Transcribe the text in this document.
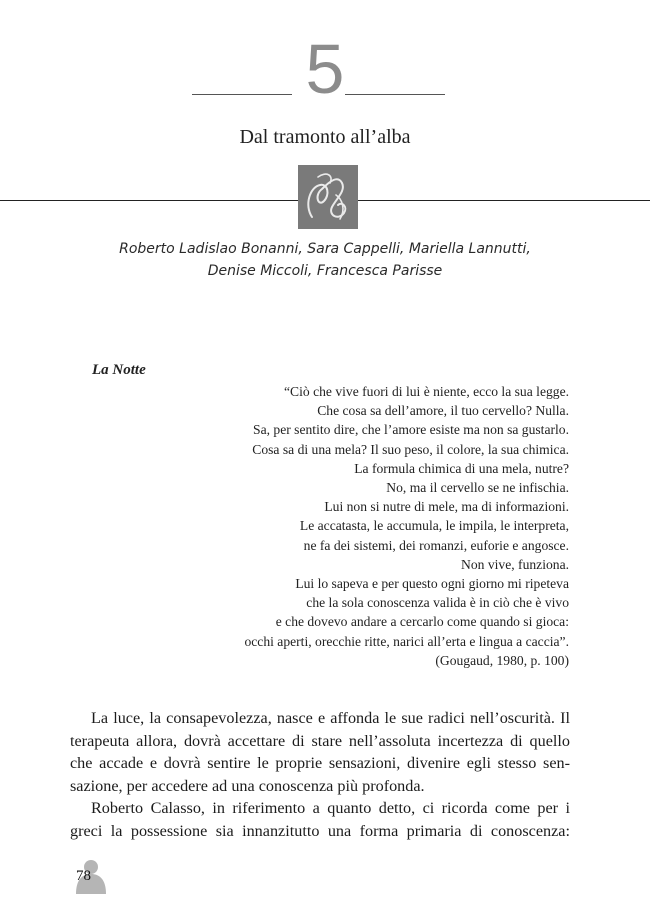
5
Dal tramonto all’alba
Roberto Ladislao Bonanni, Sara Cappelli, Mariella Lannutti,
Denise Miccoli, Francesca Parisse
La Notte
“Ciò che vive fuori di lui è niente, ecco la sua legge.
Che cosa sa dell’amore, il tuo cervello? Nulla.
Sa, per sentito dire, che l’amore esiste ma non sa gustarlo.
Cosa sa di una mela? Il suo peso, il colore, la sua chimica.
La formula chimica di una mela, nutre?
No, ma il cervello se ne infischia.
Lui non si nutre di mele, ma di informazioni.
Le accatasta, le accumula, le impila, le interpreta,
ne fa dei sistemi, dei romanzi, euforie e angosce.
Non vive, funziona.
Lui lo sapeva e per questo ogni giorno mi ripeteva
che la sola conoscenza valida è in ciò che è vivo
e che dovevo andare a cercarlo come quando si gioca:
occhi aperti, orecchie ritte, narici all’erta e lingua a caccia”.
(Gougaud, 1980, p. 100)
La luce, la consapevolezza, nasce e affonda le sue radici nell’oscurità. Il
terapeuta allora, dovrà accettare di stare nell’assoluta incertezza di quello
che accade e dovrà sentire le proprie sensazioni, divenire egli stesso sen-
sazione, per accedere ad una conoscenza più profonda.
Roberto Calasso, in riferimento a quanto detto, ci ricorda come per i
greci la possessione sia innanzitutto una forma primaria di conoscenza:
78
